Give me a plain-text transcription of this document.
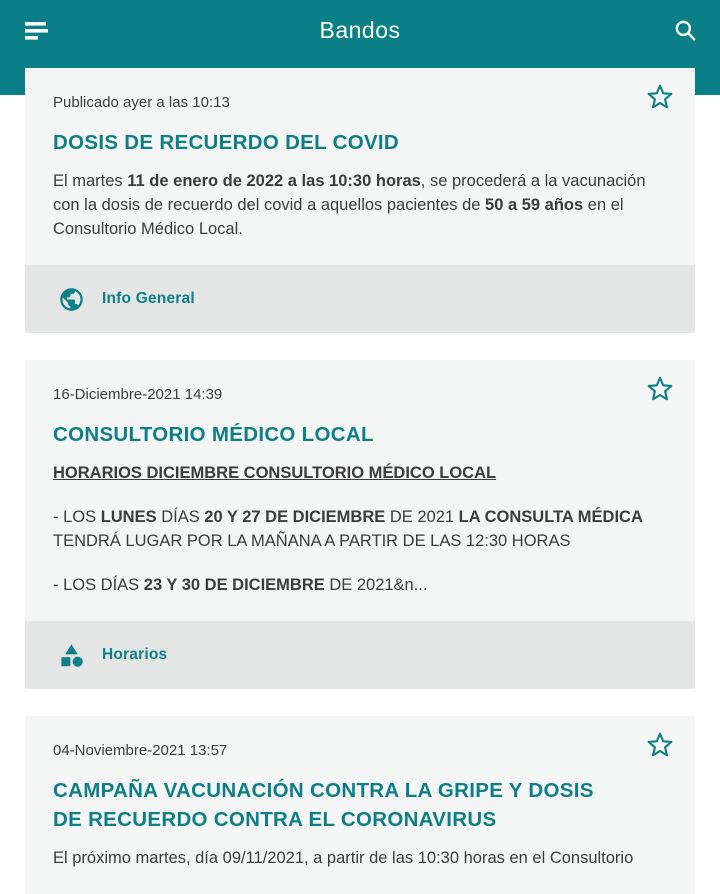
Bandos

Publicado ayer a las 10:13

DOSIS DE RECUERDO DEL COVID

El martes 11 de enero de 2022 a las 10:30 horas, se procederá a la vacunación con la dosis de recuerdo del covid a aquellos pacientes de 50 a 59 años en el Consultorio Médico Local.

Info General

16-Diciembre-2021 14:39

CONSULTORIO MÉDICO LOCAL

HORARIOS DICIEMBRE CONSULTORIO MÉDICO LOCAL

- LOS LUNES DÍAS 20 Y 27 DE DICIEMBRE DE 2021 LA CONSULTA MÉDICA TENDRÁ LUGAR POR LA MAÑANA A PARTIR DE LAS 12:30 HORAS

- LOS DÍAS 23 Y 30 DE DICIEMBRE DE 2021&n...

Horarios

04-Noviembre-2021 13:57

CAMPAÑA VACUNACIÓN CONTRA LA GRIPE Y DOSIS DE RECUERDO CONTRA EL CORONAVIRUS

El próximo martes, día 09/11/2021, a partir de las 10:30 horas en el Consultorio
